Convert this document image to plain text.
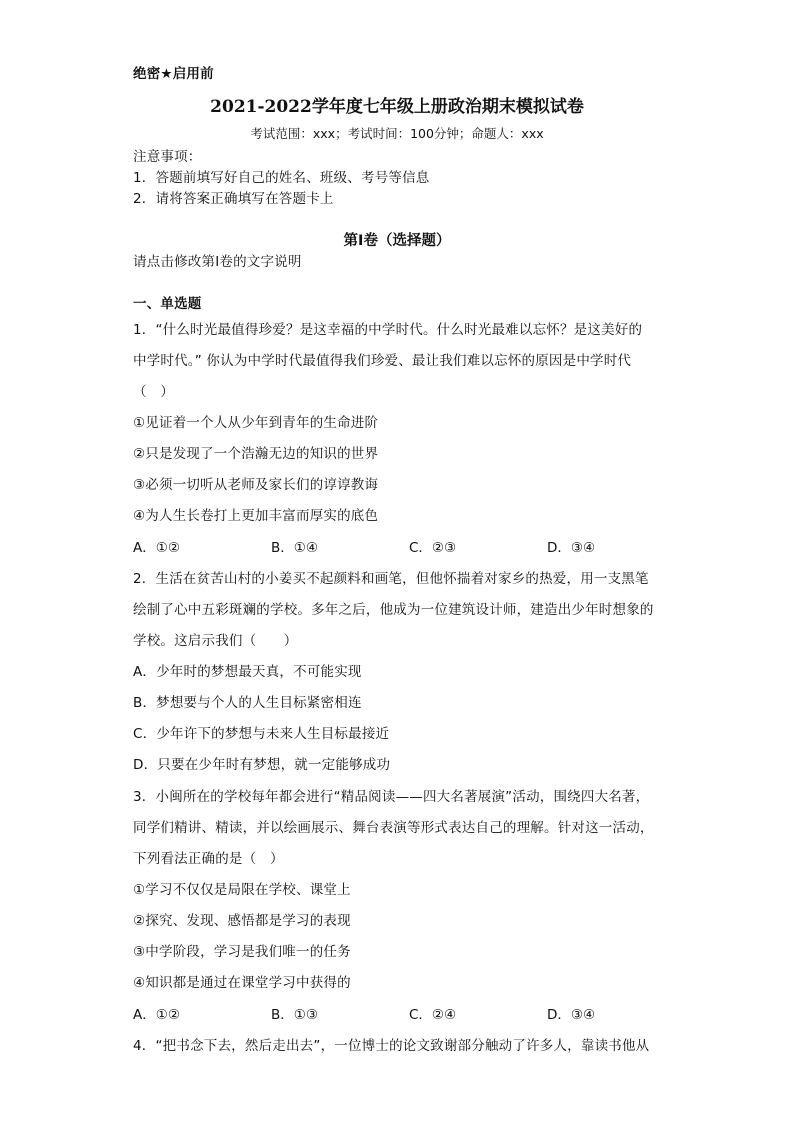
绝密★启用前
2021-2022学年度七年级上册政治期末模拟试卷
考试范围：xxx；考试时间：100分钟；命题人：xxx
注意事项：
1．答题前填写好自己的姓名、班级、考号等信息
2．请将答案正确填写在答题卡上
第I卷（选择题）
请点击修改第I卷的文字说明
一、单选题
1．“什么时光最值得珍爱？是这幸福的中学时代。什么时光最难以忘怀？是这美好的
中学时代。” 你认为中学时代最值得我们珍爱、最让我们难以忘怀的原因是中学时代
（　）
①见证着一个人从少年到青年的生命进阶
②只是发现了一个浩瀚无边的知识的世界
③必须一切听从老师及家长们的谆谆教诲
④为人生长卷打上更加丰富而厚实的底色
A．①②	B．①④	C．②③	D．③④
2．生活在贫苦山村的小姜买不起颜料和画笔，但他怀揣着对家乡的热爱，用一支黑笔
绘制了心中五彩斑斓的学校。多年之后，他成为一位建筑设计师，建造出少年时想象的
学校。这启示我们（　　）
A．少年时的梦想最天真，不可能实现
B．梦想要与个人的人生目标紧密相连
C．少年许下的梦想与未来人生目标最接近
D．只要在少年时有梦想，就一定能够成功
3．小闽所在的学校每年都会进行“精品阅读——四大名著展演”活动，围绕四大名著，
同学们精讲、精读，并以绘画展示、舞台表演等形式表达自己的理解。针对这一活动，
下列看法正确的是（　）
①学习不仅仅是局限在学校、课堂上
②探究、发现、感悟都是学习的表现
③中学阶段，学习是我们唯一的任务
④知识都是通过在课堂学习中获得的
A．①②	B．①③	C．②④	D．③④
4．“把书念下去，然后走出去”，一位博士的论文致谢部分触动了许多人，靠读书他从
